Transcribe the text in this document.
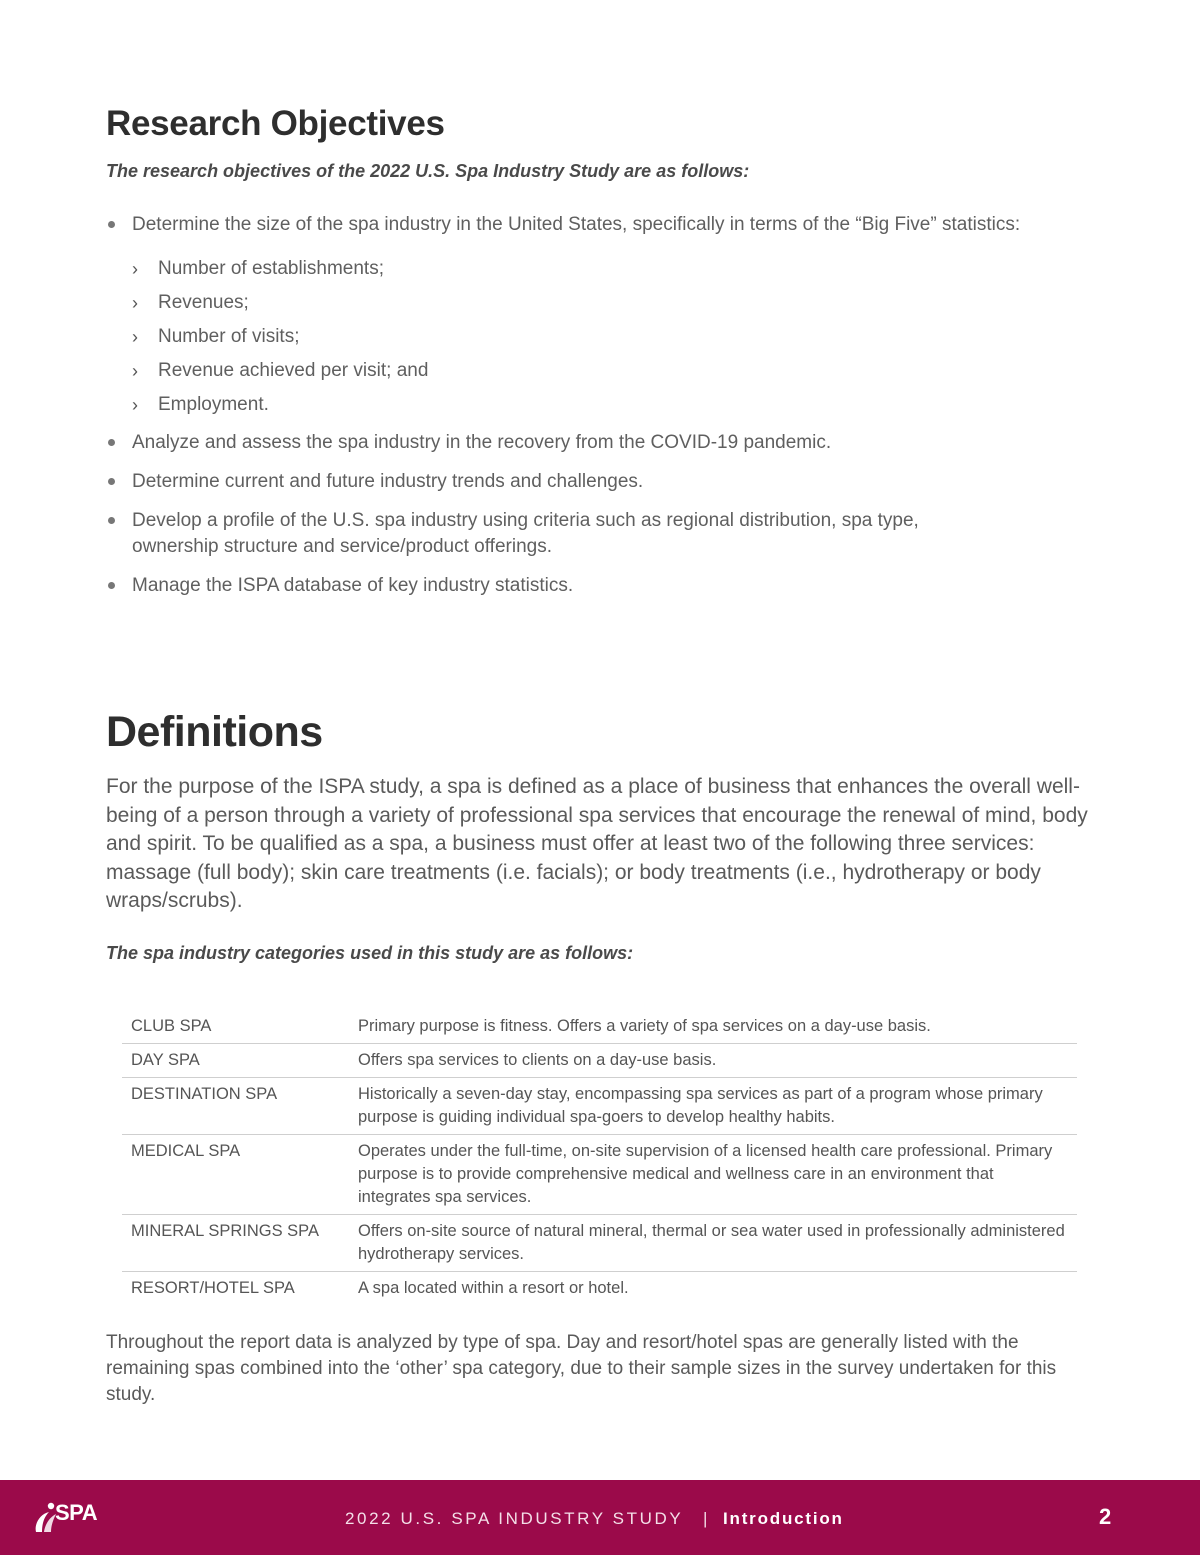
Research Objectives

The research objectives of the 2022 U.S. Spa Industry Study are as follows:

Determine the size of the spa industry in the United States, specifically in terms of the “Big Five” statistics:
› Number of establishments;
› Revenues;
› Number of visits;
› Revenue achieved per visit; and
› Employment.
Analyze and assess the spa industry in the recovery from the COVID-19 pandemic.
Determine current and future industry trends and challenges.
Develop a profile of the U.S. spa industry using criteria such as regional distribution, spa type, ownership structure and service/product offerings.
Manage the ISPA database of key industry statistics.
Definitions

For the purpose of the ISPA study, a spa is defined as a place of business that enhances the overall well-being of a person through a variety of professional spa services that encourage the renewal of mind, body and spirit. To be qualified as a spa, a business must offer at least two of the following three services: massage (full body); skin care treatments (i.e. facials); or body treatments (i.e., hydrotherapy or body wraps/scrubs).

The spa industry categories used in this study are as follows:

CLUB SPA	Primary purpose is fitness. Offers a variety of spa services on a day-use basis.
DAY SPA	Offers spa services to clients on a day-use basis.
DESTINATION SPA	Historically a seven-day stay, encompassing spa services as part of a program whose primary purpose is guiding individual spa-goers to develop healthy habits.
MEDICAL SPA	Operates under the full-time, on-site supervision of a licensed health care professional. Primary purpose is to provide comprehensive medical and wellness care in an environment that integrates spa services.
MINERAL SPRINGS SPA	Offers on-site source of natural mineral, thermal or sea water used in professionally administered hydrotherapy services.
RESORT/HOTEL SPA	A spa located within a resort or hotel.

Throughout the report data is analyzed by type of spa. Day and resort/hotel spas are generally listed with the remaining spas combined into the ‘other’ spa category, due to their sample sizes in the survey undertaken for this study.

SPA	2022 U.S. SPA INDUSTRY STUDY | Introduction	2
